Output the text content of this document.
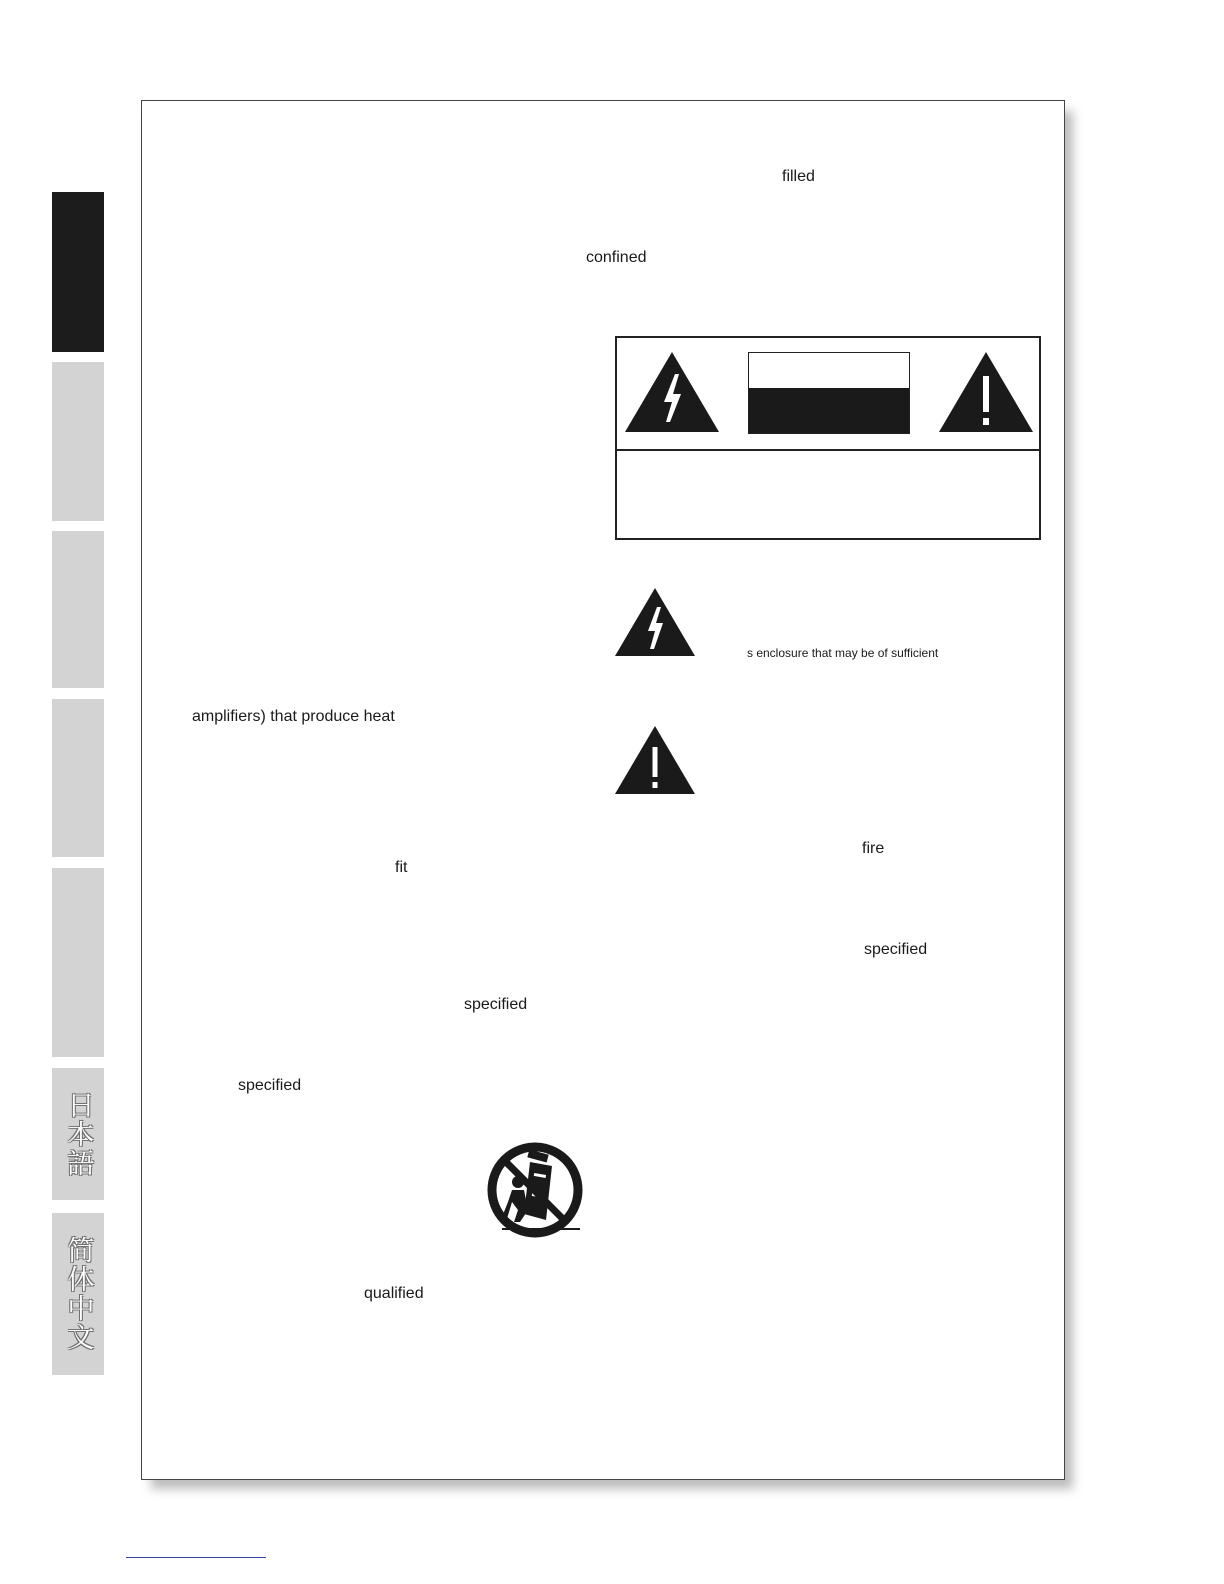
日本語
简体中文
filled
confined
s enclosure that may be of sufficient
amplifiers) that produce heat
fit
fire
specified
specified
specified
qualified
